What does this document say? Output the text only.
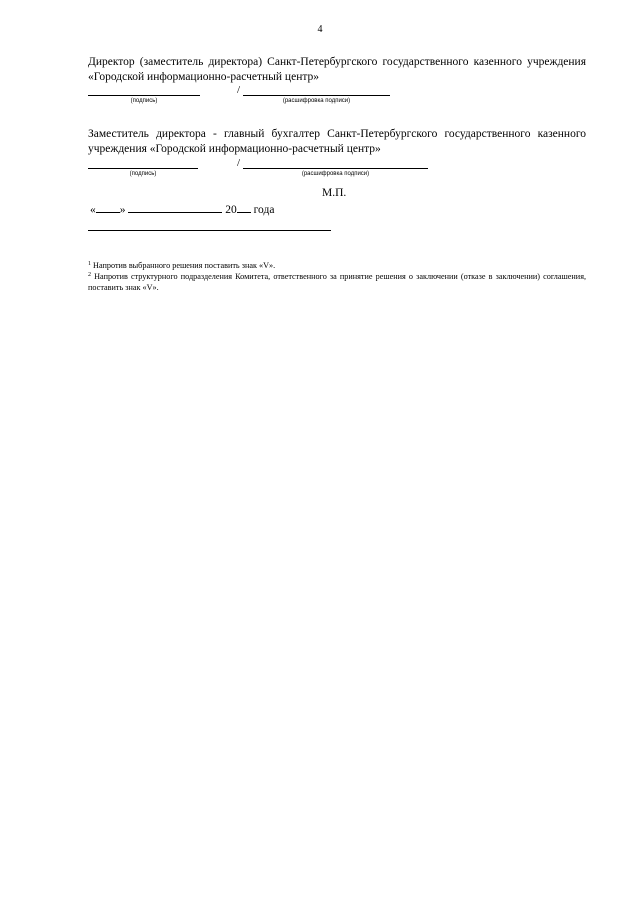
4
Директор (заместитель директора) Санкт-Петербургского государственного казенного учреждения «Городской информационно-расчетный центр»
/
(подпись)	(расшифровка подписи)
Заместитель директора - главный бухгалтер Санкт-Петербургского государственного казенного учреждения «Городской информационно-расчетный центр»
/
(подпись)	(расшифровка подписи)
М.П.
« »	20 года
$^1$ Напротив выбранного решения поставить знак «V».
$^2$ Напротив структурного подразделения Комитета, ответственного за принятие решения о заключении (отказе в заключении) соглашения, поставить знак «V».
